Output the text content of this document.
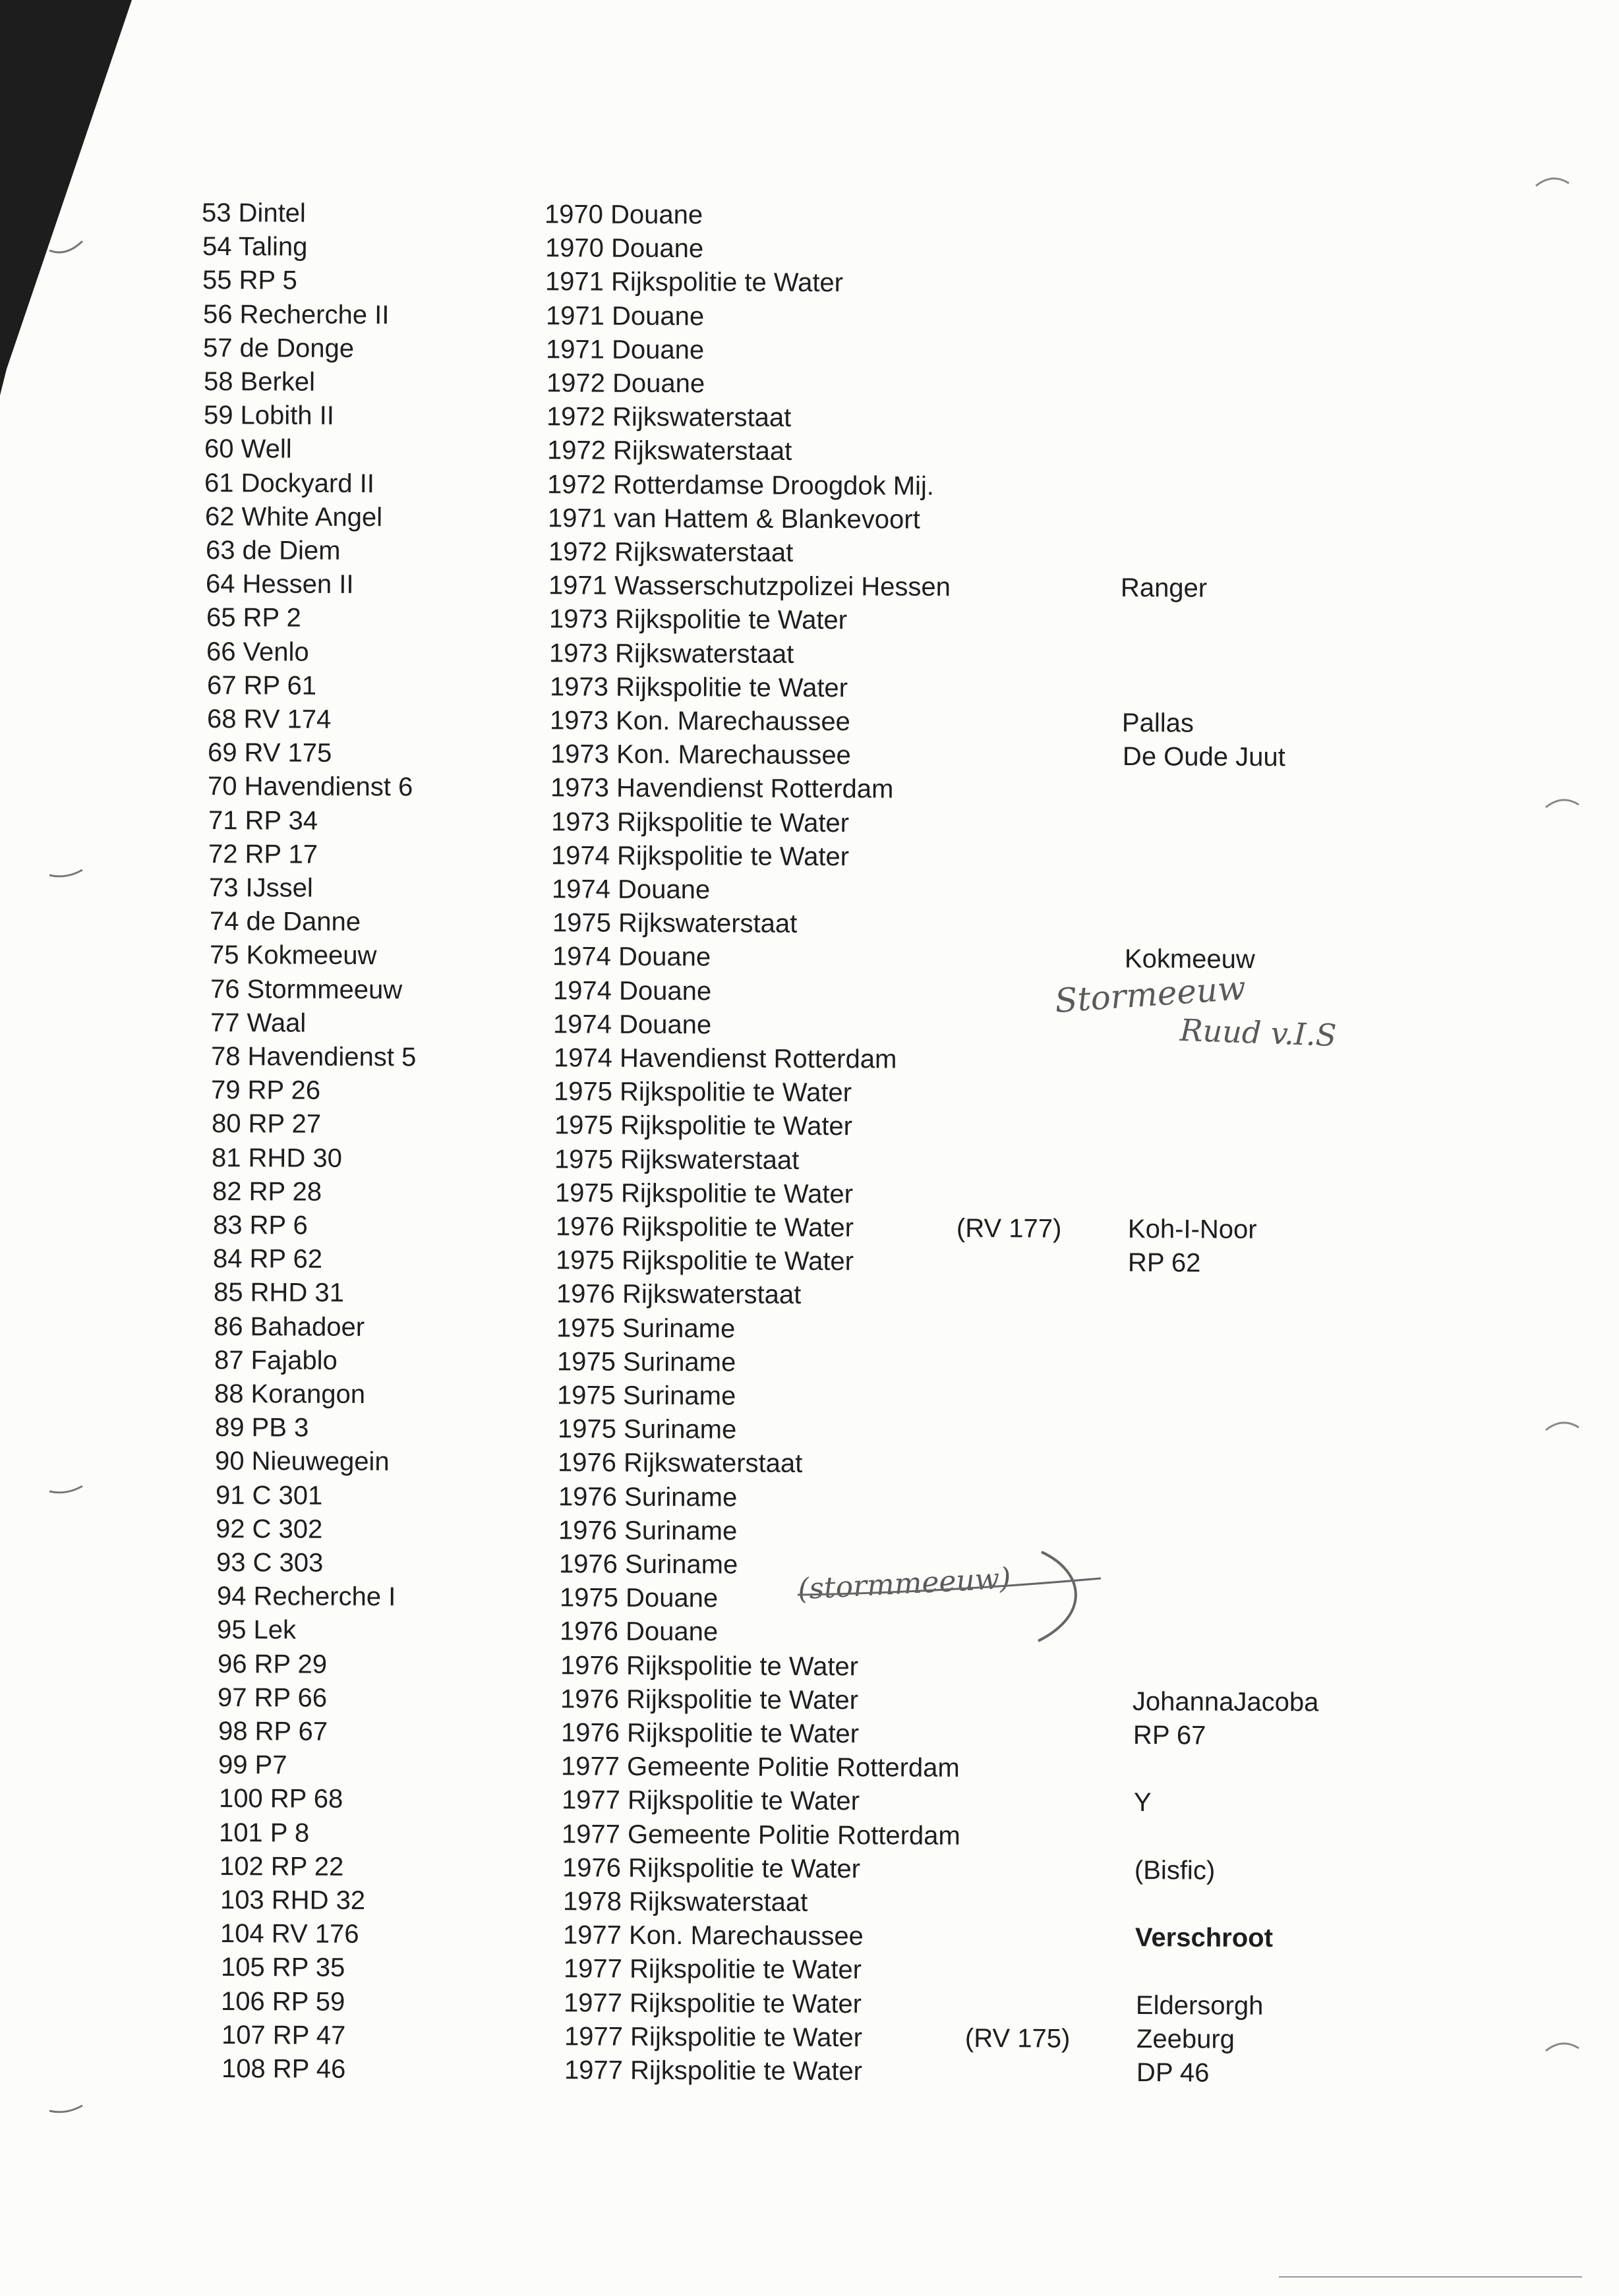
53 Dintel	1970 Douane
54 Taling	1970 Douane
55 RP 5	1971 Rijkspolitie te Water
56 Recherche II	1971 Douane
57 de Donge	1971 Douane
58 Berkel	1972 Douane
59 Lobith II	1972 Rijkswaterstaat
60 Well	1972 Rijkswaterstaat
61 Dockyard II	1972 Rotterdamse Droogdok Mij.
62 White Angel	1971 van Hattem & Blankevoort
63 de Diem	1972 Rijkswaterstaat
64 Hessen II	1971 Wasserschutzpolizei Hessen	Ranger
65 RP 2	1973 Rijkspolitie te Water
66 Venlo	1973 Rijkswaterstaat
67 RP 61	1973 Rijkspolitie te Water
68 RV 174	1973 Kon. Marechaussee	Pallas
69 RV 175	1973 Kon. Marechaussee	De Oude Juut
70 Havendienst 6	1973 Havendienst Rotterdam
71 RP 34	1973 Rijkspolitie te Water
72 RP 17	1974 Rijkspolitie te Water
73 IJssel	1974 Douane
74 de Danne	1975 Rijkswaterstaat
75 Kokmeeuw	1974 Douane	Kokmeeuw
76 Stormmeeuw	1974 Douane
77 Waal	1974 Douane
78 Havendienst 5	1974 Havendienst Rotterdam
79 RP 26	1975 Rijkspolitie te Water
80 RP 27	1975 Rijkspolitie te Water
81 RHD 30	1975 Rijkswaterstaat
82 RP 28	1975 Rijkspolitie te Water
83 RP 6	1976 Rijkspolitie te Water	(RV 177)	Koh-I-Noor
84 RP 62	1975 Rijkspolitie te Water	RP 62
85 RHD 31	1976 Rijkswaterstaat
86 Bahadoer	1975 Suriname
87 Fajablo	1975 Suriname
88 Korangon	1975 Suriname
89 PB 3	1975 Suriname
90 Nieuwegein	1976 Rijkswaterstaat
91 C 301	1976 Suriname
92 C 302	1976 Suriname
93 C 303	1976 Suriname
94 Recherche I	1975 Douane
95 Lek	1976 Douane
96 RP 29	1976 Rijkspolitie te Water
97 RP 66	1976 Rijkspolitie te Water	JohannaJacoba
98 RP 67	1976 Rijkspolitie te Water	RP 67
99 P7	1977 Gemeente Politie Rotterdam
100 RP 68	1977 Rijkspolitie te Water	Y
101 P 8	1977 Gemeente Politie Rotterdam
102 RP 22	1976 Rijkspolitie te Water	(Bisfic)
103 RHD 32	1978 Rijkswaterstaat
104 RV 176	1977 Kon. Marechaussee	Verschroot
105 RP 35	1977 Rijkspolitie te Water
106 RP 59	1977 Rijkspolitie te Water	Eldersorgh
107 RP 47	1977 Rijkspolitie te Water	(RV 175)	Zeeburg
108 RP 46	1977 Rijkspolitie te Water	DP 46
Stormeeuw
Ruud v.I.S
(stormmeeuw)
